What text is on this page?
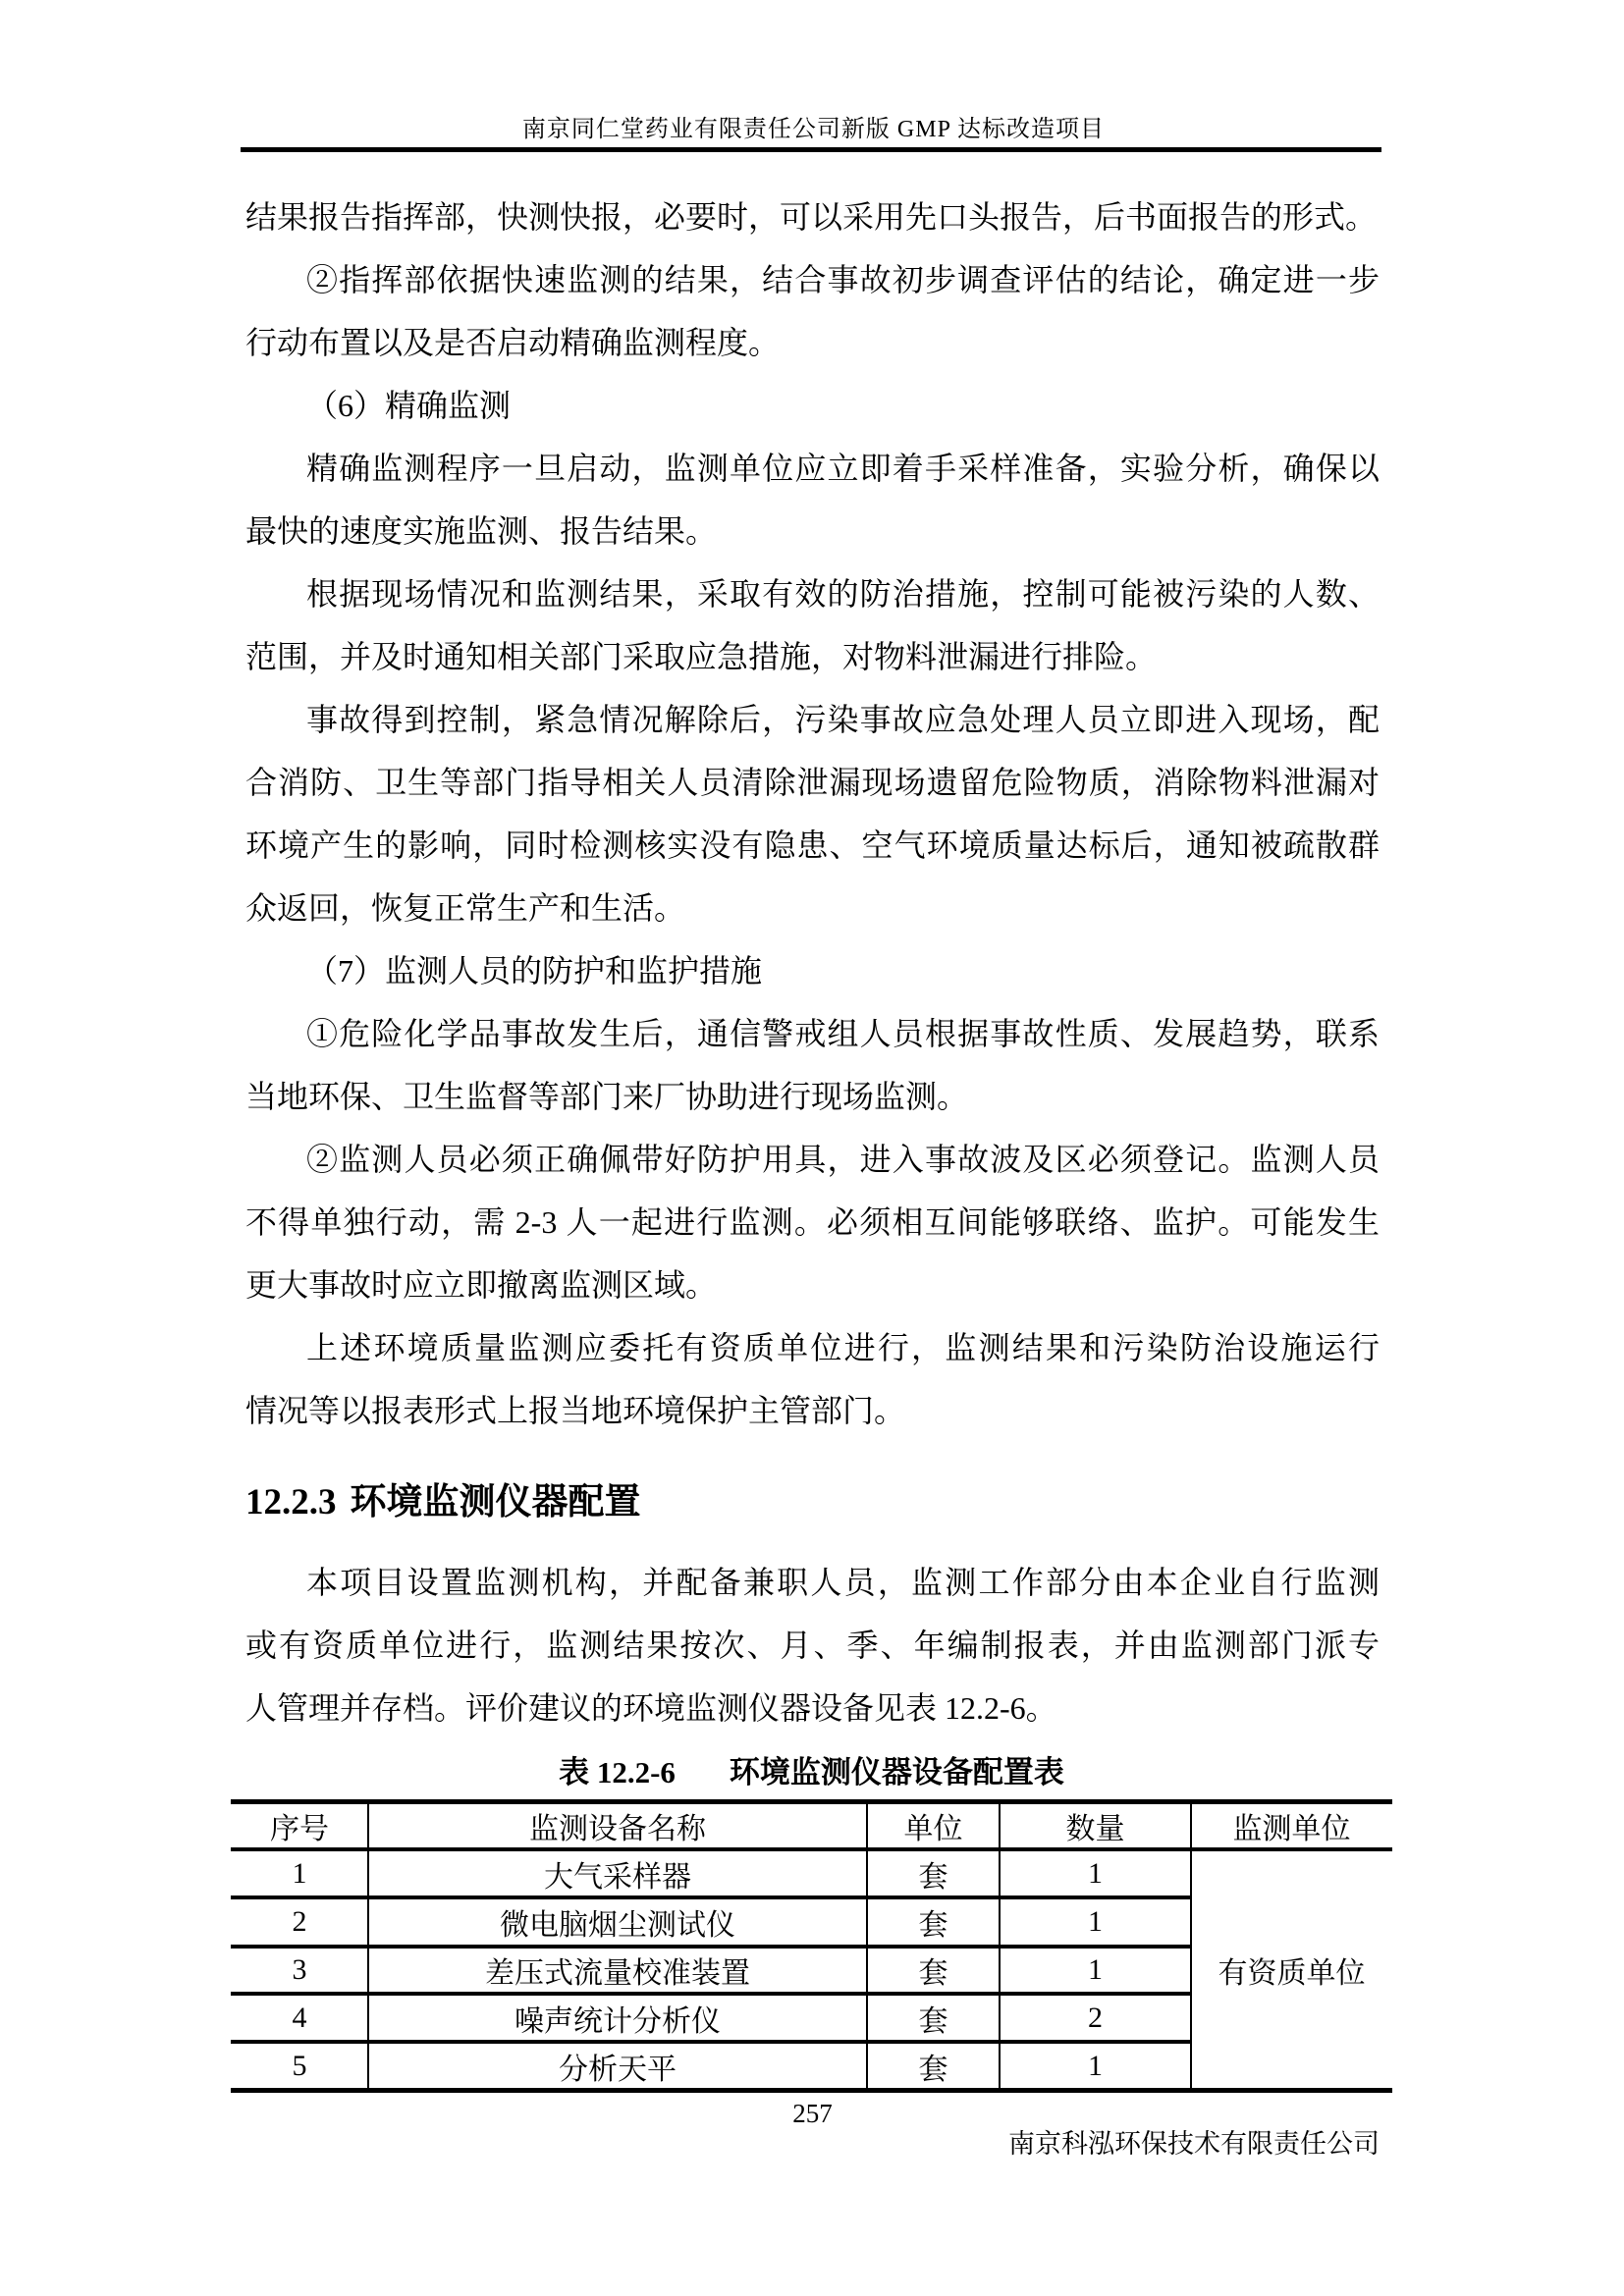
南京同仁堂药业有限责任公司新版 GMP 达标改造项目
结果报告指挥部，快测快报，必要时，可以采用先口头报告，后书面报告的形式。
②指挥部依据快速监测的结果，结合事故初步调查评估的结论，确定进一步
行动布置以及是否启动精确监测程度。
（6）精确监测
精确监测程序一旦启动，监测单位应立即着手采样准备，实验分析，确保以
最快的速度实施监测、报告结果。
根据现场情况和监测结果，采取有效的防治措施，控制可能被污染的人数、
范围，并及时通知相关部门采取应急措施，对物料泄漏进行排险。
事故得到控制，紧急情况解除后，污染事故应急处理人员立即进入现场，配
合消防、卫生等部门指导相关人员清除泄漏现场遗留危险物质，消除物料泄漏对
环境产生的影响，同时检测核实没有隐患、空气环境质量达标后，通知被疏散群
众返回，恢复正常生产和生活。
（7）监测人员的防护和监护措施
①危险化学品事故发生后，通信警戒组人员根据事故性质、发展趋势，联系
当地环保、卫生监督等部门来厂协助进行现场监测。
②监测人员必须正确佩带好防护用具，进入事故波及区必须登记。监测人员
不得单独行动，需 2-3 人一起进行监测。必须相互间能够联络、监护。可能发生
更大事故时应立即撤离监测区域。
上述环境质量监测应委托有资质单位进行，监测结果和污染防治设施运行
情况等以报表形式上报当地环境保护主管部门。
12.2.3 环境监测仪器配置
本项目设置监测机构，并配备兼职人员，监测工作部分由本企业自行监测
或有资质单位进行，监测结果按次、月、季、年编制报表，并由监测部门派专
人管理并存档。评价建议的环境监测仪器设备见表 12.2-6。
表 12.2-6 环境监测仪器设备配置表
序号	监测设备名称	单位	数量	监测单位
1	大气采样器	套	1
2	微电脑烟尘测试仪	套	1
3	差压式流量校准装置	套	1
4	噪声统计分析仪	套	2
5	分析天平	套	1
有资质单位
257
南京科泓环保技术有限责任公司
